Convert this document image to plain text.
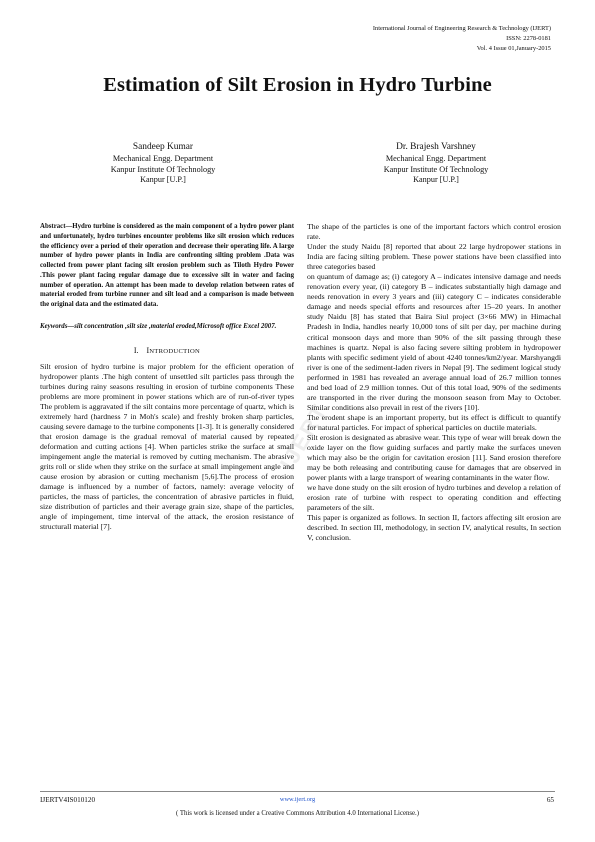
International Journal of Engineering Research & Technology (IJERT)
ISSN: 2278-0181
Vol. 4 Issue 01,January-2015
Estimation of Silt Erosion in Hydro Turbine
Sandeep Kumar
Mechanical Engg. Department
Kanpur Institute Of Technology
Kanpur [U.P.]
Dr. Brajesh Varshney
Mechanical Engg. Department
Kanpur Institute Of Technology
Kanpur [U.P.]
IJERT

Abstract—Hydro turbine is considered as the main component of a hydro power plant and unfortunately, hydro turbines encounter problems like silt erosion which reduces the efficiency over a period of their operation and decrease their operating life. A large number of hydro power plants in India are confronting silting problem .Data was collected from power plant facing silt erosion problem such as Tiloth Hydro Power .This power plant facing regular damage due to excessive silt in water and facing number of operation. An attempt has been made to develop relation between rates of material eroded from turbine runner and silt load and a comparison is made between the original data and the estimated data.

Keywords—silt concentration ,silt size ,material eroded,Microsoft office Excel 2007.

I. INTRODUCTION

Silt erosion of hydro turbine is major problem for the efficient operation of hydropower plants .The high content of unsettled silt particles pass through the turbines during rainy seasons resulting in erosion of turbine components These problems are more prominent in power stations which are of run-of-river types The problem is aggravated if the silt contains more percentage of quartz, which is extremely hard (hardness 7 in Moh's scale) and freshly broken sharp particles, causing severe damage to the turbine components [1-3]. It is generally considered that erosion damage is the gradual removal of material caused by repeated deformation and cutting actions [4]. When particles strike the surface at small impingement angle the material is removed by cutting mechanism. The abrasive grits roll or slide when they strike on the surface at small impingement angle and cause erosion by abrasion or cutting mechanism [5,6].The process of erosion damage is influenced by a number of factors, namely: average velocity of particles, the mass of particles, the concentration of abrasive particles in fluid, size distribution of particles and their average grain size, shape of the particles, angle of impingement, time interval of the attack, the erosion resistance of structurall material [7].

The shape of the particles is one of the important factors which control erosion rate.

Under the study Naidu [8] reported that about 22 large hydropower stations in India are facing silting problem. These power stations have been classified into three categories based

on quantum of damage as; (i) category A – indicates intensive damage and needs renovation every year, (ii) category B – indicates substantially high damage and needs renovation in every 3 years and (iii) category C – indicates considerable damage and needs special efforts and resources after 15–20 years. In another study Naidu [8] has stated that Baira Siul project (3×66 MW) in Himachal Pradesh in India, handles nearly 10,000 tons of silt per day, per machine during critical monsoon days and more than 90% of the silt passing through these machines is quartz. Nepal is also facing severe silting problem in hydropower plants with specific sediment yield of about 4240 tonnes/km2/year. Marshyangdi river is one of the sediment-laden rivers in Nepal [9]. The sediment logical study performed in 1981 has revealed an average annual load of 26.7 million tonnes and bed load of 2.9 million tonnes. Out of this total load, 90% of the sediments are transported in the river during the monsoon season from May to October. Similar conditions also prevail in rest of the rivers [10].

The erodent shape is an important property, but its effect is difficult to quantify for natural particles. For impact of spherical particles on ductile materials.

Silt erosion is designated as abrasive wear. This type of wear will break down the oxide layer on the flow guiding surfaces and partly make the surfaces uneven which may also be the origin for cavitation erosion [11]. Sand erosion therefore may be both releasing and contributing cause for damages that are observed in power plants with a large transport of wearing contaminants in the water flow.

we have done study on the silt erosion of hydro turbines and develop a relation of erosion rate of turbine with respect to operating condition and effecting parameters of the silt.

This paper is organized as follows. In section II, factors affecting silt erosion are described. In section III, methodology, in section IV, analytical results, In section V, conclusion.

IJERTV4IS010120	www.ijert.org	65
( This work is licensed under a Creative Commons Attribution 4.0 International License.)
